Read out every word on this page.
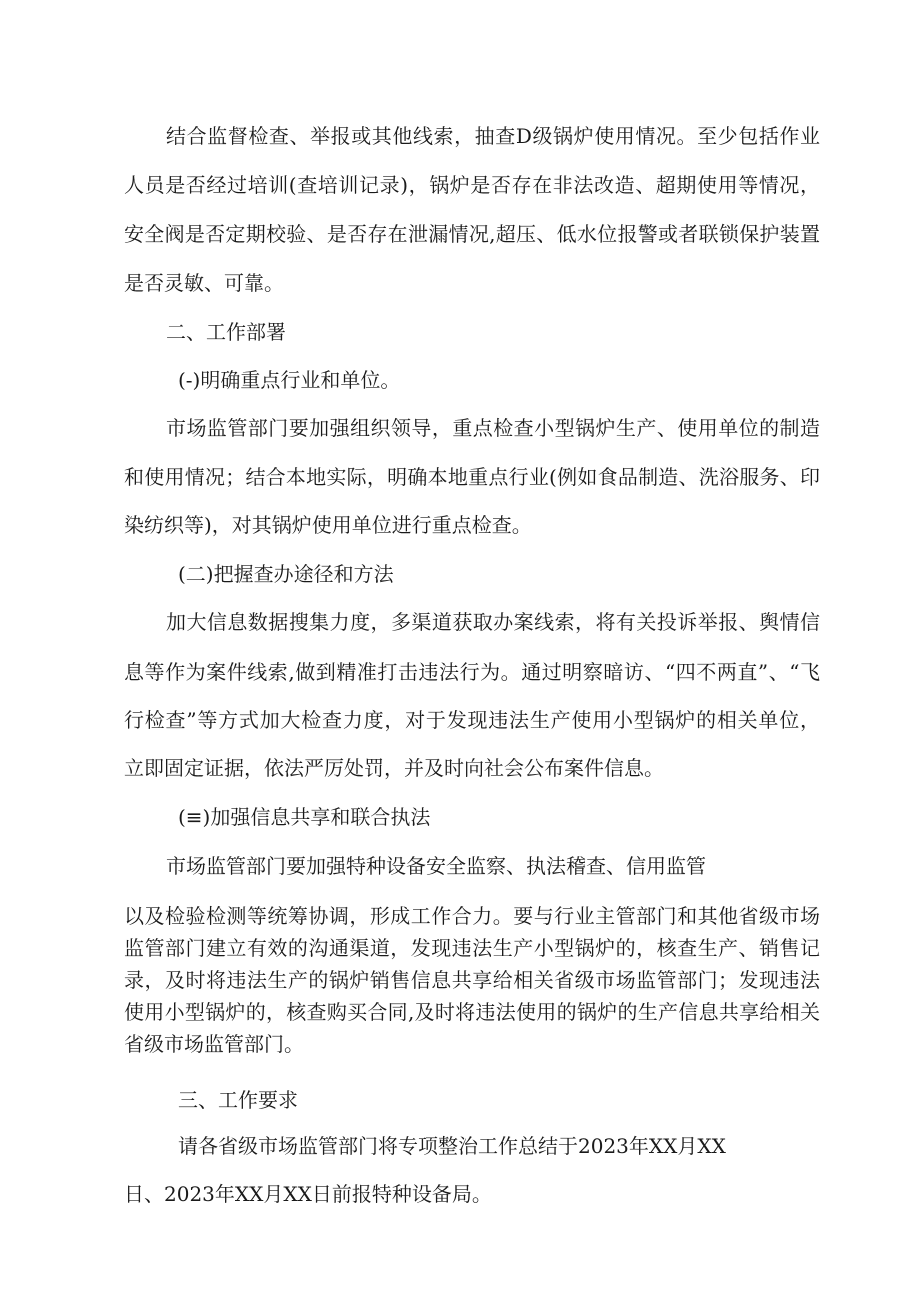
结合监督检查、举报或其他线索，抽查D级锅炉使用情况。至少包括作业
人员是否经过培训(查培训记录)，锅炉是否存在非法改造、超期使用等情况，
安全阀是否定期校验、是否存在泄漏情况,超压、低水位报警或者联锁保护装置
是否灵敏、可靠。
二、工作部署
(-)明确重点行业和单位。
市场监管部门要加强组织领导，重点检查小型锅炉生产、使用单位的制造
和使用情况；结合本地实际，明确本地重点行业(例如食品制造、洗浴服务、印
染纺织等)，对其锅炉使用单位进行重点检查。
(二)把握查办途径和方法
加大信息数据搜集力度，多渠道获取办案线索，将有关投诉举报、舆情信
息等作为案件线索,做到精准打击违法行为。通过明察暗访、“四不两直”、“飞
行检查”等方式加大检查力度，对于发现违法生产使用小型锅炉的相关单位，
立即固定证据，依法严厉处罚，并及时向社会公布案件信息。
(≡)加强信息共享和联合执法
市场监管部门要加强特种设备安全监察、执法稽查、信用监管
以及检验检测等统筹协调，形成工作合力。要与行业主管部门和其他省级市场
监管部门建立有效的沟通渠道，发现违法生产小型锅炉的，核查生产、销售记
录，及时将违法生产的锅炉销售信息共享给相关省级市场监管部门；发现违法
使用小型锅炉的，核查购买合同,及时将违法使用的锅炉的生产信息共享给相关
省级市场监管部门。
三、工作要求
请各省级市场监管部门将专项整治工作总结于2023年XX月XX
日、2023年XX月XX日前报特种设备局。
